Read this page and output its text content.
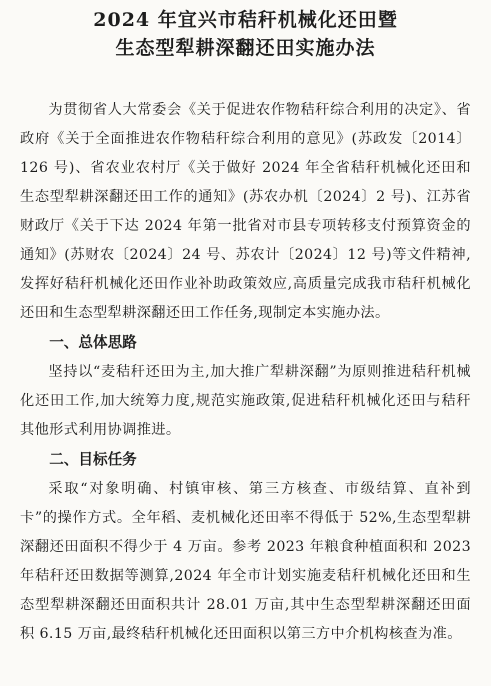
2024 年宜兴市秸秆机械化还田暨
生态型犁耕深翻还田实施办法

为贯彻省人大常委会《关于促进农作物秸秆综合利用的决定》、省政府《关于全面推进农作物秸秆综合利用的意见》(苏政发〔2014〕126 号)、省农业农村厅《关于做好 2024 年全省秸秆机械化还田和生态型犁耕深翻还田工作的通知》(苏农办机〔2024〕2 号)、江苏省财政厅《关于下达 2024 年第一批省对市县专项转移支付预算资金的通知》(苏财农〔2024〕24 号、苏农计〔2024〕12 号)等文件精神,发挥好秸秆机械化还田作业补助政策效应,高质量完成我市秸秆机械化还田和生态型犁耕深翻还田工作任务,现制定本实施办法。

一、总体思路

坚持以“麦秸秆还田为主,加大推广犁耕深翻”为原则推进秸秆机械化还田工作,加大统筹力度,规范实施政策,促进秸秆机械化还田与秸秆其他形式利用协调推进。

二、目标任务

采取“对象明确、村镇审核、第三方核查、市级结算、直补到卡”的操作方式。全年稻、麦机械化还田率不得低于 52%,生态型犁耕深翻还田面积不得少于 4 万亩。参考 2023 年粮食种植面积和 2023 年秸秆还田数据等测算,2024 年全市计划实施麦秸秆机械化还田和生态型犁耕深翻还田面积共计 28.01 万亩,其中生态型犁耕深翻还田面积 6.15 万亩,最终秸秆机械化还田面积以第三方中介机构核查为准。
